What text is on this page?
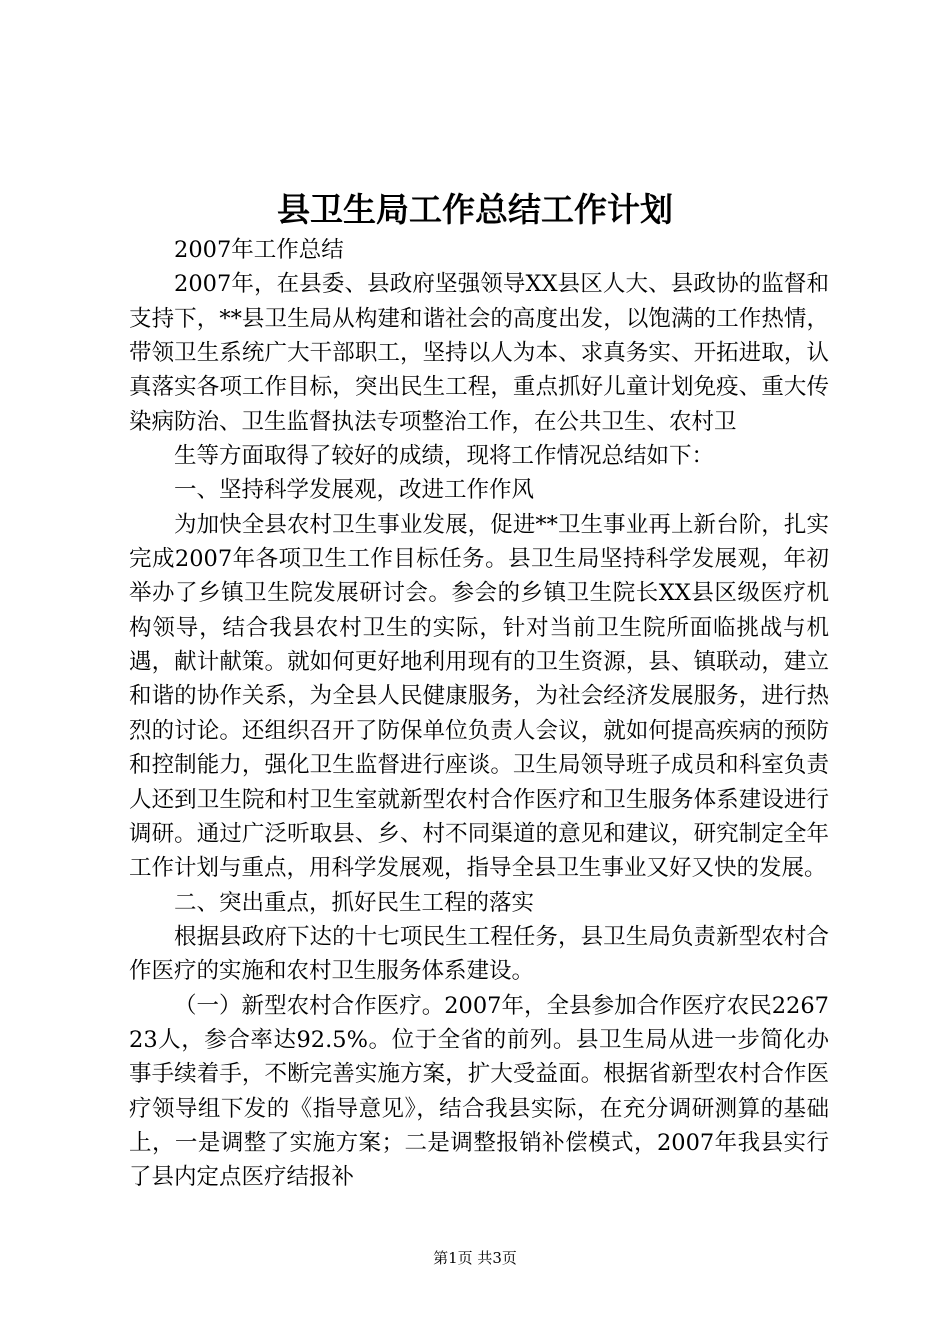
县卫生局工作总结工作计划

2007年工作总结

2007年，在县委、县政府坚强领导XX县区人大、县政协的监督和支持下，**县卫生局从构建和谐社会的高度出发，以饱满的工作热情，带领卫生系统广大干部职工，坚持以人为本、求真务实、开拓进取，认真落实各项工作目标，突出民生工程，重点抓好儿童计划免疫、重大传染病防治、卫生监督执法专项整治工作，在公共卫生、农村卫

生等方面取得了较好的成绩，现将工作情况总结如下：

一、坚持科学发展观，改进工作作风

为加快全县农村卫生事业发展，促进**卫生事业再上新台阶，扎实完成2007年各项卫生工作目标任务。县卫生局坚持科学发展观，年初举办了乡镇卫生院发展研讨会。参会的乡镇卫生院长XX县区级医疗机构领导，结合我县农村卫生的实际，针对当前卫生院所面临挑战与机遇，献计献策。就如何更好地利用现有的卫生资源，县、镇联动，建立和谐的协作关系，为全县人民健康服务，为社会经济发展服务，进行热烈的讨论。还组织召开了防保单位负责人会议，就如何提高疾病的预防和控制能力，强化卫生监督进行座谈。卫生局领导班子成员和科室负责人还到卫生院和村卫生室就新型农村合作医疗和卫生服务体系建设进行调研。通过广泛听取县、乡、村不同渠道的意见和建议，研究制定全年工作计划与重点，用科学发展观，指导全县卫生事业又好又快的发展。

二、突出重点，抓好民生工程的落实

根据县政府下达的十七项民生工程任务，县卫生局负责新型农村合作医疗的实施和农村卫生服务体系建设。

（一）新型农村合作医疗。2007年，全县参加合作医疗农民226723人，参合率达92.5%。位于全省的前列。县卫生局从进一步简化办事手续着手，不断完善实施方案，扩大受益面。根据省新型农村合作医疗领导组下发的《指导意见》，结合我县实际，在充分调研测算的基础上，一是调整了实施方案；二是调整报销补偿模式，2007年我县实行了县内定点医疗结报补

第1页 共3页
